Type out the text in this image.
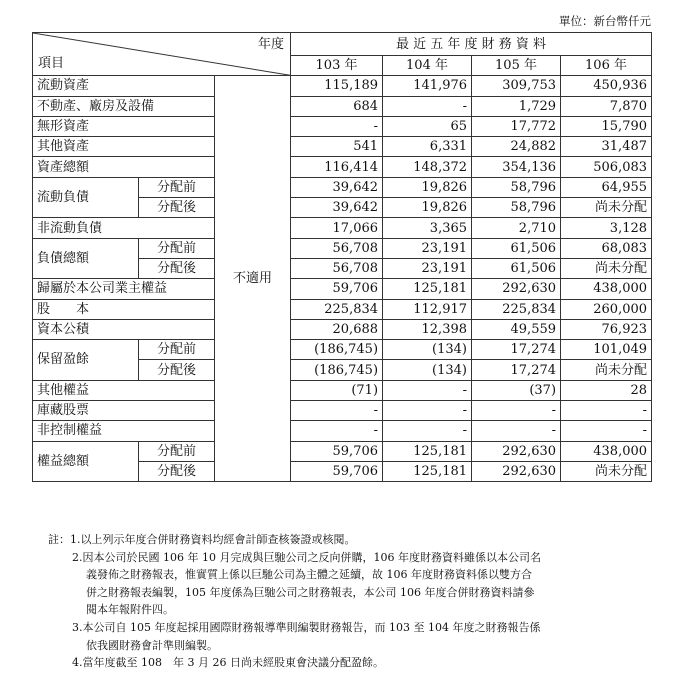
單位：新台幣仟元
年度
項目			最 近 五 年 度 財 務 資 料				
			103 年	104 年	105 年	106 年	
流動資產		不適用	115,189	141,976	309,753	450,936	
不動產、廠房及設備			684	-	1,729	7,870	
無形資產			-	65	17,772	15,790	
其他資產			541	6,331	24,882	31,487	
資產總額			116,414	148,372	354,136	506,083	
流動負債	分配前		39,642	19,826	58,796	64,955	
	分配後		39,642	19,826	58,796	尚未分配	
非流動負債			17,066	3,365	2,710	3,128	
負債總額	分配前		56,708	23,191	61,506	68,083	
	分配後		56,708	23,191	61,506	尚未分配	
歸屬於本公司業主權益			59,706	125,181	292,630	438,000	
股　　本			225,834	112,917	225,834	260,000	
資本公積			20,688	12,398	49,559	76,923	
保留盈餘	分配前		(186,745)	(134)	17,274	101,049	
	分配後		(186,745)	(134)	17,274	尚未分配	
其他權益			(71)	-	(37)	28	
庫藏股票			-	-	-	-	
非控制權益			-	-	-	-	
權益總額	分配前		59,706	125,181	292,630	438,000	
	分配後		59,706	125,181	292,630	尚未分配	
註：1.以上列示年度合併財務資料均經會計師查核簽證或核閱。
2.因本公司於民國 106 年 10 月完成與巨馳公司之反向併購，106 年度財務資料雖係以本公司名
義發佈之財務報表，惟實質上係以巨馳公司為主體之延續，故 106 年度財務資料係以雙方合
併之財務報表編製，105 年度係為巨馳公司之財務報表，本公司 106 年度合併財務資料請參
閱本年報附件四。
3.本公司自 105 年度起採用國際財務報導準則編製財務報告，而 103 至 104 年度之財務報告係
依我國財務會計準則編製。
4.當年度截至 108　年 3 月 26 日尚未經股東會決議分配盈餘。
